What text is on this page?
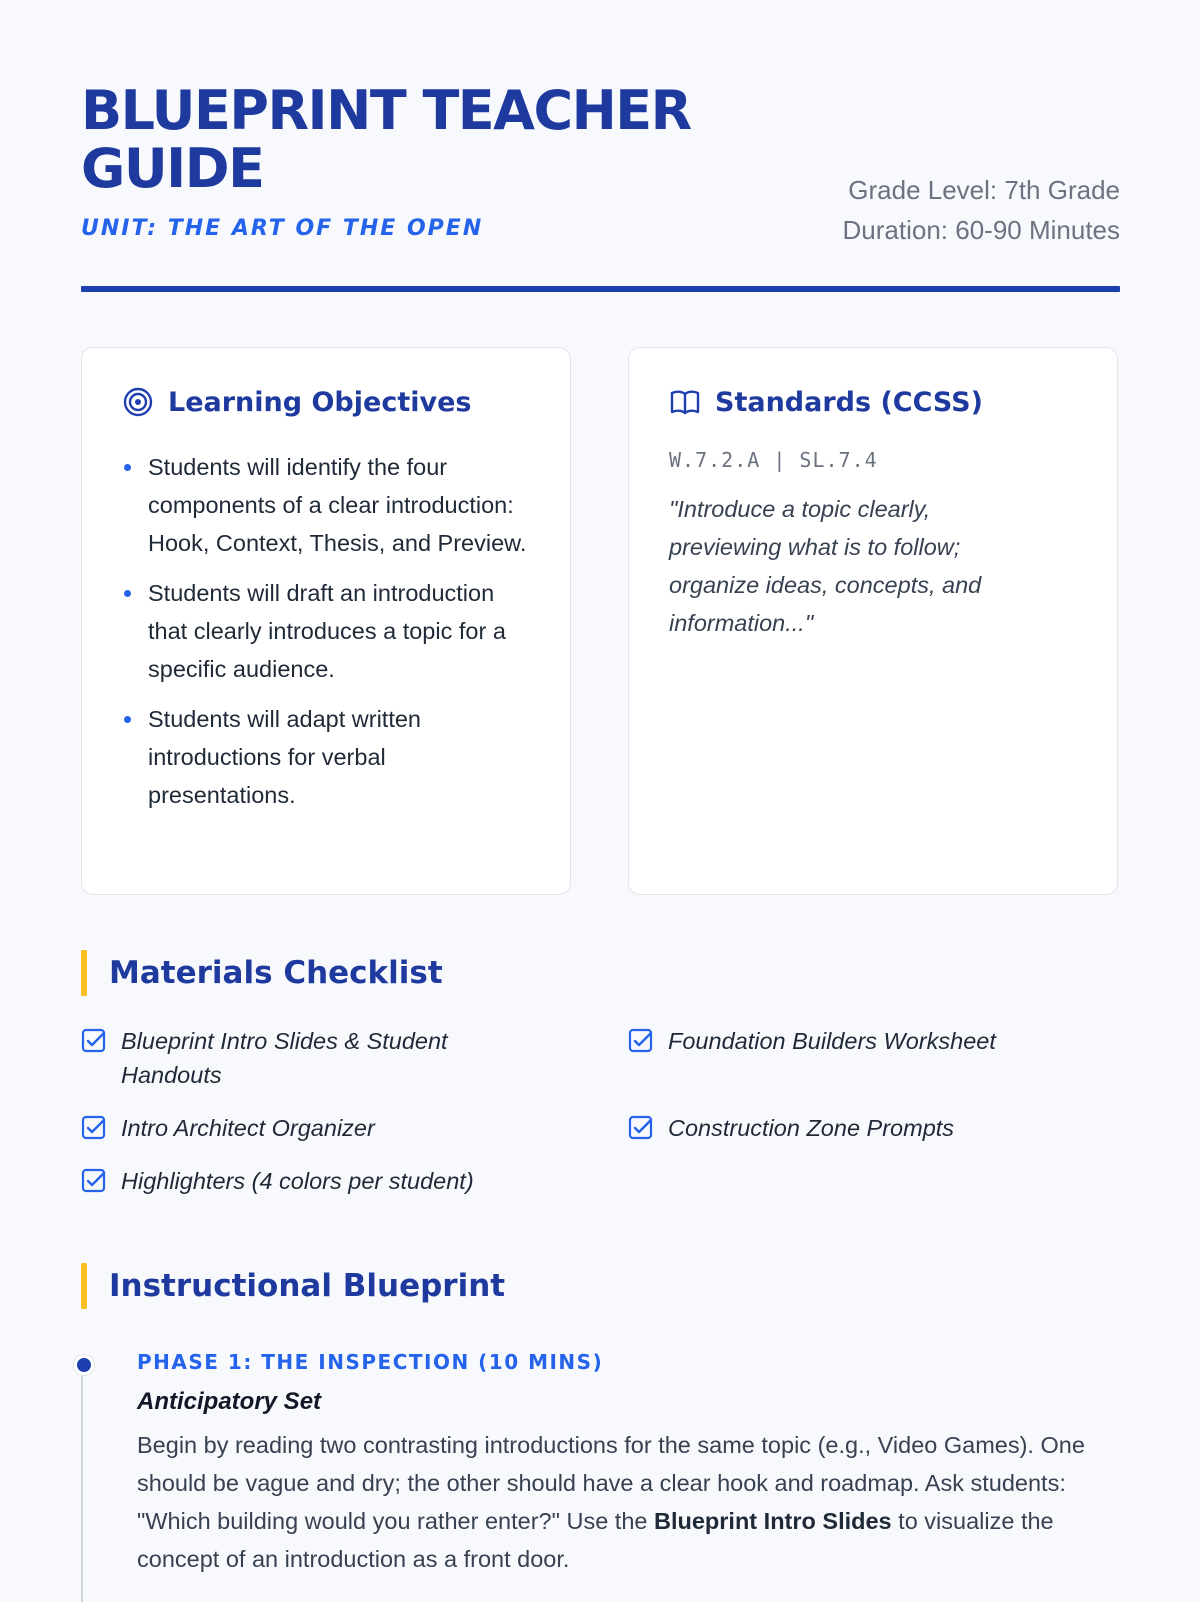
BLUEPRINT TEACHER GUIDE
UNIT: THE ART OF THE OPEN
Grade Level: 7th Grade
Duration: 60-90 Minutes
Learning Objectives
Students will identify the four components of a clear introduction: Hook, Context, Thesis, and Preview.
Students will draft an introduction that clearly introduces a topic for a specific audience.
Students will adapt written introductions for verbal presentations.
Standards (CCSS)
W.7.2.A | SL.7.4
"Introduce a topic clearly, previewing what is to follow; organize ideas, concepts, and information..."
Materials Checklist
Blueprint Intro Slides & Student Handouts
Foundation Builders Worksheet
Intro Architect Organizer	Construction Zone Prompts
Highlighters (4 colors per student)
Instructional Blueprint
PHASE 1: THE INSPECTION (10 MINS)
Anticipatory Set
Begin by reading two contrasting introductions for the same topic (e.g., Video Games). One should be vague and dry; the other should have a clear hook and roadmap. Ask students: "Which building would you rather enter?" Use the Blueprint Intro Slides to visualize the concept of an introduction as a front door.
